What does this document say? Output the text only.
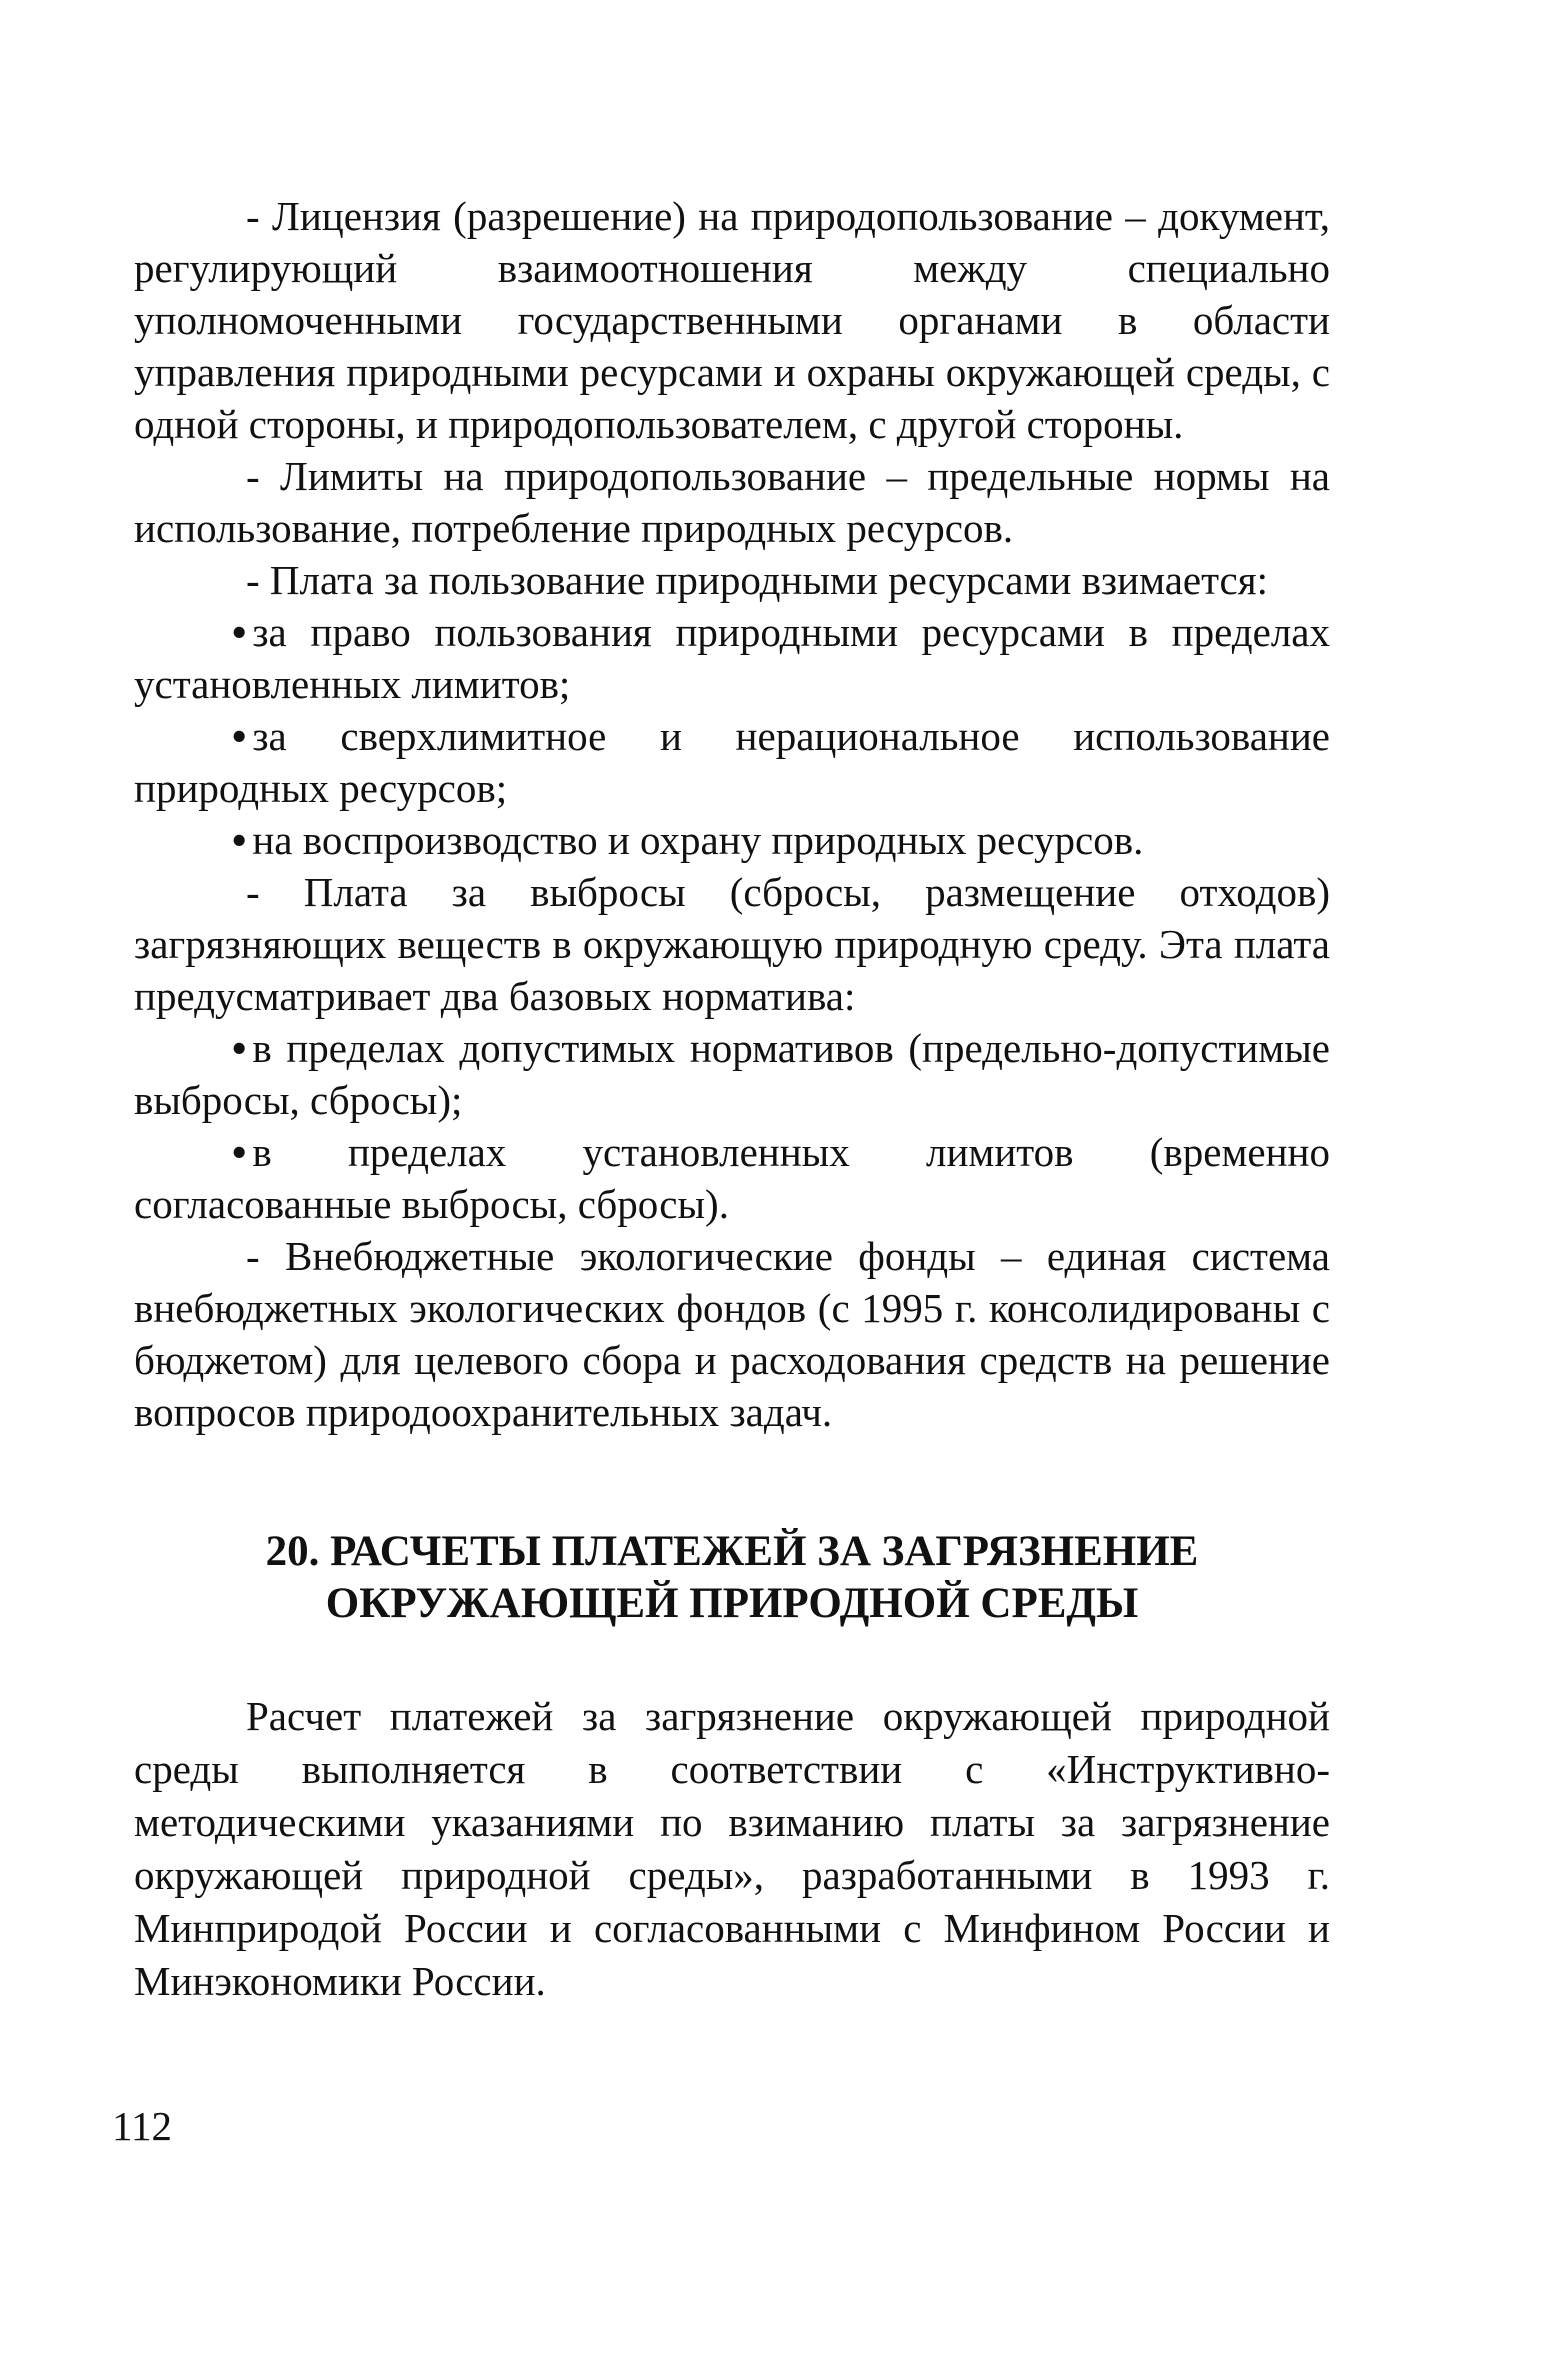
- Лицензия (разрешение) на природопользование – документ, регулирующий взаимоотношения между специально уполномоченными государственными органами в области управления природными ресурсами и охраны окружающей среды, с одной стороны, и природопользователем, с другой стороны.

- Лимиты на природопользование – предельные нормы на использование, потребление природных ресурсов.

- Плата за пользование природными ресурсами взимается:

• за право пользования природными ресурсами в пределах установленных лимитов;

• за сверхлимитное и нерациональное использование природных ресурсов;

• на воспроизводство и охрану природных ресурсов.

- Плата за выбросы (сбросы, размещение отходов) загрязняющих веществ в окружающую природную среду. Эта плата предусматривает два базовых норматива:

• в пределах допустимых нормативов (предельно-допустимые выбросы, сбросы);

• в пределах установленных лимитов (временно согласованные выбросы, сбросы).

- Внебюджетные экологические фонды – единая система внебюджетных экологических фондов (с 1995 г. консолидированы с бюджетом) для целевого сбора и расходования средств на решение вопросов природоохранительных задач.

20. РАСЧЕТЫ ПЛАТЕЖЕЙ ЗА ЗАГРЯЗНЕНИЕ
ОКРУЖАЮЩЕЙ ПРИРОДНОЙ СРЕДЫ

Расчет платежей за загрязнение окружающей природной среды выполняется в соответствии с «Инструктивно-методическими указаниями по взиманию платы за загрязнение окружающей природной среды», разработанными в 1993 г. Минприродой России и согласованными с Минфином России и Минэкономики России.

112
